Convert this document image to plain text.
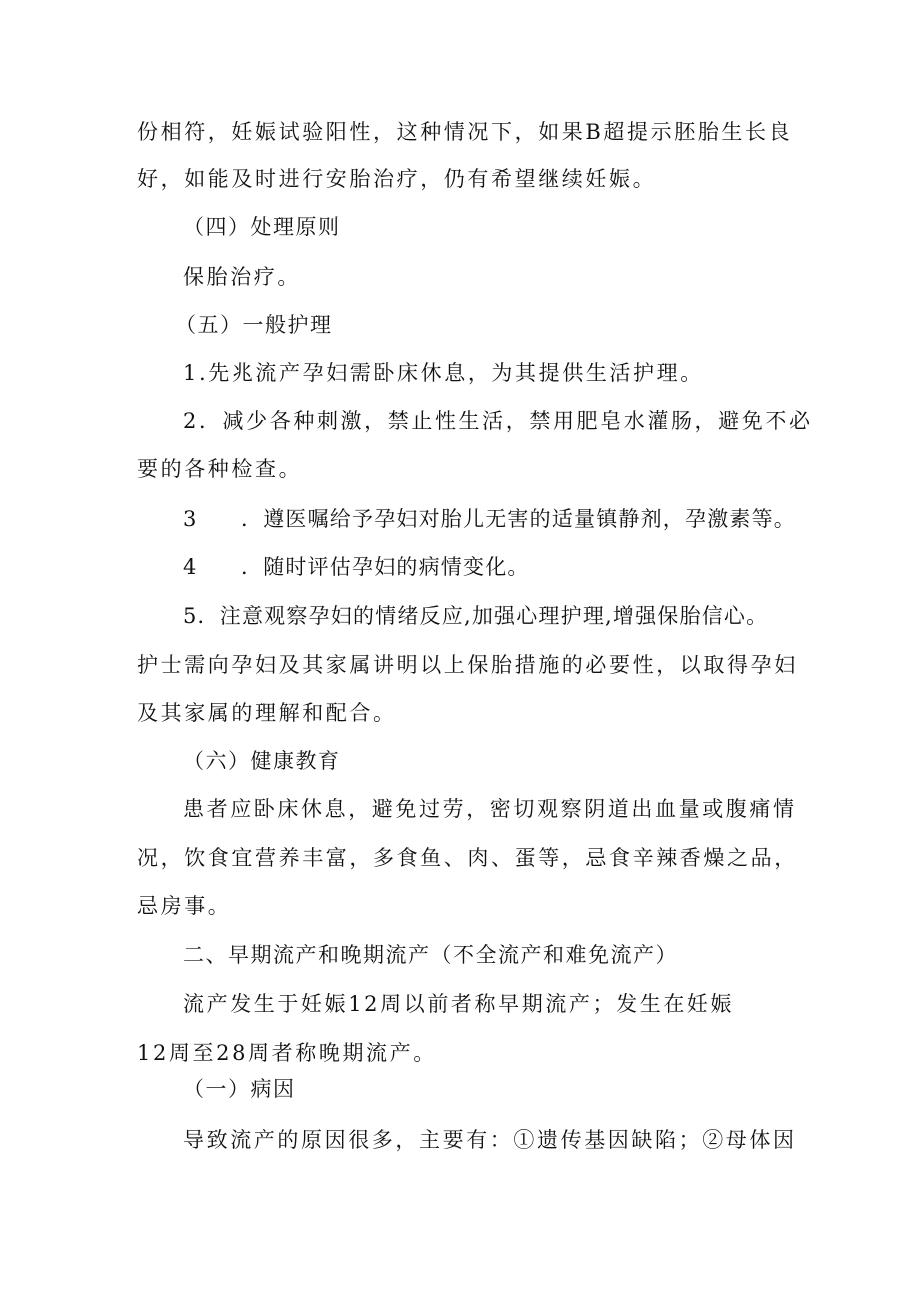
份相符，妊娠试验阳性，这种情况下，如果B超提示胚胎生长良
好，如能及时进行安胎治疗，仍有希望继续妊娠。
（四）处理原则
保胎治疗。
（五）一般护理
1.先兆流产孕妇需卧床休息，为其提供生活护理。
2．减少各种刺激，禁止性生活，禁用肥皂水灌肠，避免不必
要的各种检查。
3 ．遵医嘱给予孕妇对胎儿无害的适量镇静剂，孕激素等。
4 ．随时评估孕妇的病情变化。
5．注意观察孕妇的情绪反应,加强心理护理,增强保胎信心。
护士需向孕妇及其家属讲明以上保胎措施的必要性，以取得孕妇
及其家属的理解和配合。
（六）健康教育
患者应卧床休息，避免过劳，密切观察阴道出血量或腹痛情
况，饮食宜营养丰富，多食鱼、肉、蛋等，忌食辛辣香燥之品，
忌房事。
二、早期流产和晚期流产（不全流产和难免流产）
流产发生于妊娠12周以前者称早期流产；发生在妊娠
12周至28周者称晚期流产。
（一）病因
导致流产的原因很多，主要有：①遗传基因缺陷；②母体因
